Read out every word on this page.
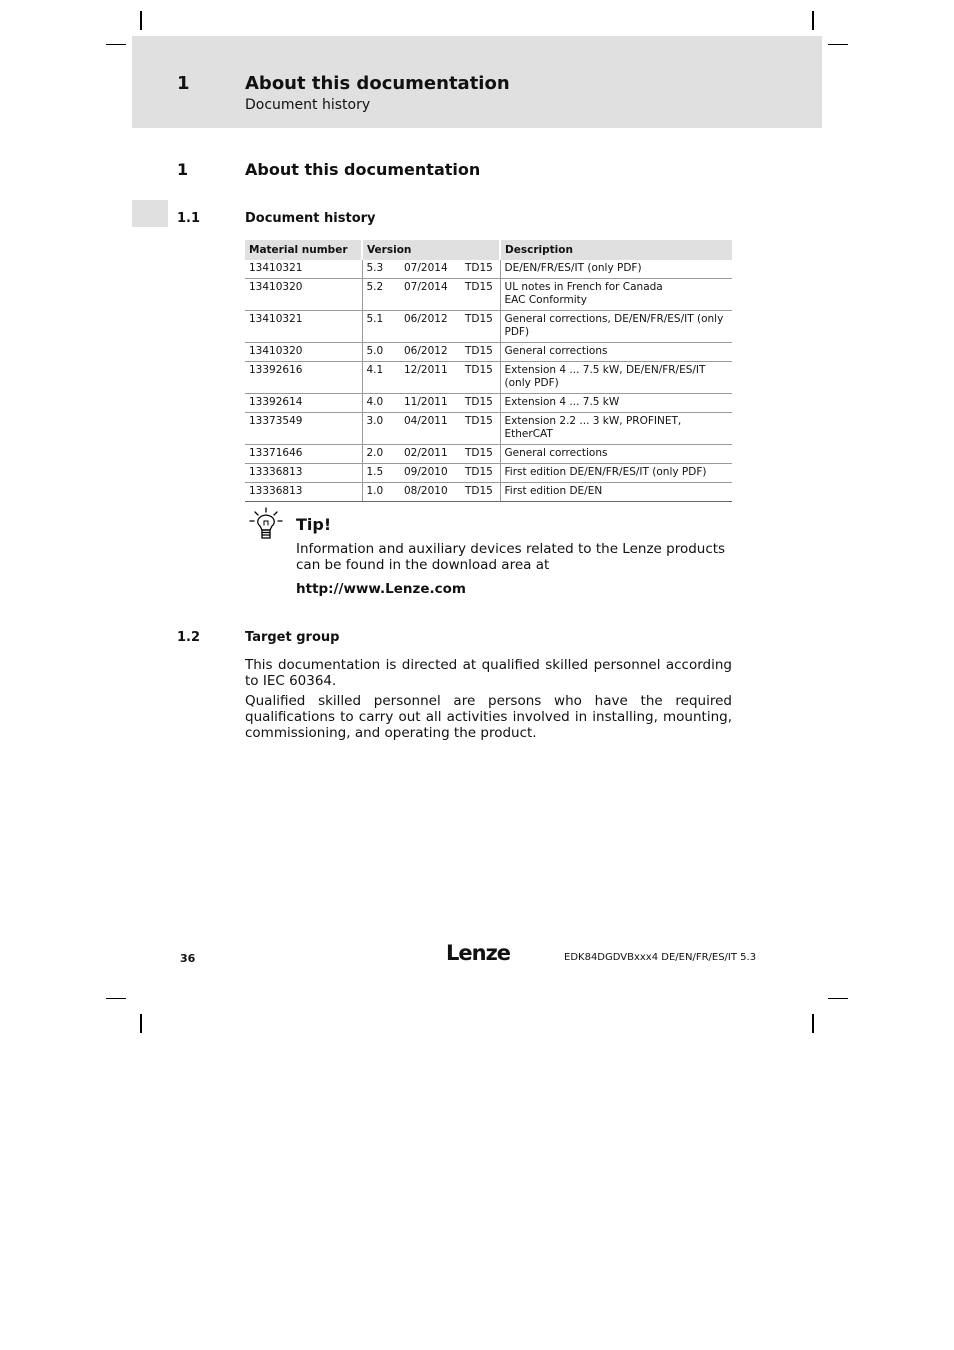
1	About this documentation
Document history
1	About this documentation
1.1	Document history
Material number	Version			Description
13410321	5.3	07/2014	TD15	DE/EN/FR/ES/IT (only PDF)
13410320	5.2	07/2014	TD15	UL notes in French for Canada
EAC Conformity

13410321	5.1	06/2012	TD15	General corrections, DE/EN/FR/ES/IT (only PDF)
13410320	5.0	06/2012	TD15	General corrections
13392616	4.1	12/2011	TD15	Extension 4 ... 7.5 kW, DE/EN/FR/ES/IT (only PDF)
13392614	4.0	11/2011	TD15	Extension 4 ... 7.5 kW
13373549	3.0	04/2011	TD15	Extension 2.2 ... 3 kW, PROFINET, EtherCAT
13371646	2.0	02/2011	TD15	General corrections
13336813	1.5	09/2010	TD15	First edition DE/EN/FR/ES/IT (only PDF)
13336813	1.0	08/2010	TD15	First edition DE/EN
Tip!
Information and auxiliary devices related to the Lenze products can be found in the download area at
http://www.Lenze.com
1.2	Target group
This documentation is directed at qualified skilled personnel according to IEC 60364.
Qualified skilled personnel are persons who have the required qualifications to carry out all activities involved in installing, mounting, commissioning, and operating the product.
36	Lenze	EDK84DGDVBxxx4 DE/EN/FR/ES/IT 5.3
